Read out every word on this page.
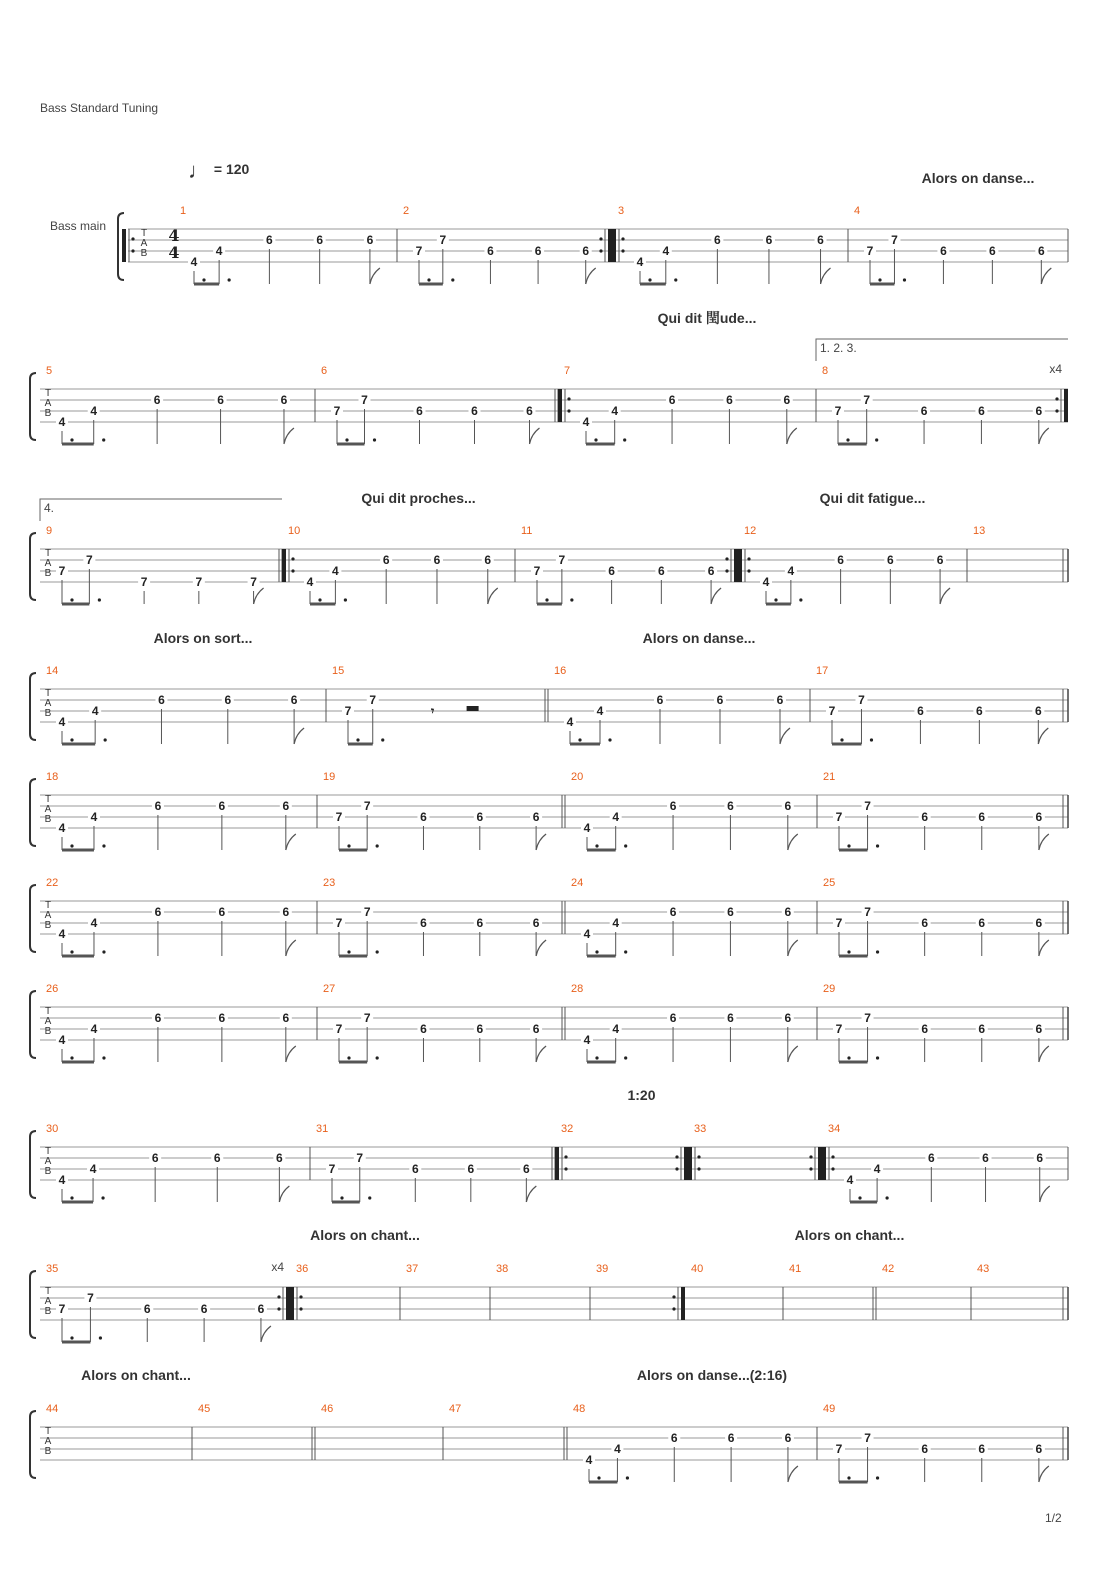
Bass Standard Tuning
Bass main
♩ = 120
1/2
T
A
B
4
4
1
4
4
6	6	6
2
7
7
6	6	6
3
4
4
6	6	6
4
7
7
6	6	6
Alors on danse...
T
A
B
5
4
4
6	6	6
6
7
7
6	6	6
7
4
4
6	6	6
8	x4
7
7
6	6	6
1. 2. 3.
Qui dit 閏ude...
T
A
B
9
7
7
7	7	7
10
4
4
6	6	6
11
7
7
6	6	6
12
4
4
6	6	6
13
4.
Qui dit proches...	Qui dit fatigue...
T
A
B
14
4
4
6	6	6
15
7
7
𝄾
16
4
4
6	6	6
17
7
7
6	6	6
Alors on sort...	Alors on danse...
T
A
B
18
4
4
6	6	6
19
7
7
6	6	6
20
4
4
6	6	6
21
7
7
6	6	6
T
A
B
22
4
4
6	6	6
23
7
7
6	6	6
24
4
4
6	6	6
25
7
7
6	6	6
T
A
B
26
4
4
6	6	6
27
7
7
6	6	6
28
4
4
6	6	6
29
7
7
6	6	6
T
A
B
30
4
4
6	6	6
31
7
7
6	6	6
32	33	34
4
4
6	6	6
1:20
T
A
B
35	x4
7
7
6	6	6
36	37	38	39	40	41	42	43
Alors on chant...	Alors on chant...
T
A
B
44	45	46	47	48
4
4
6	6	6
49
7
7
6	6	6
Alors on chant...	Alors on danse...(2:16)
